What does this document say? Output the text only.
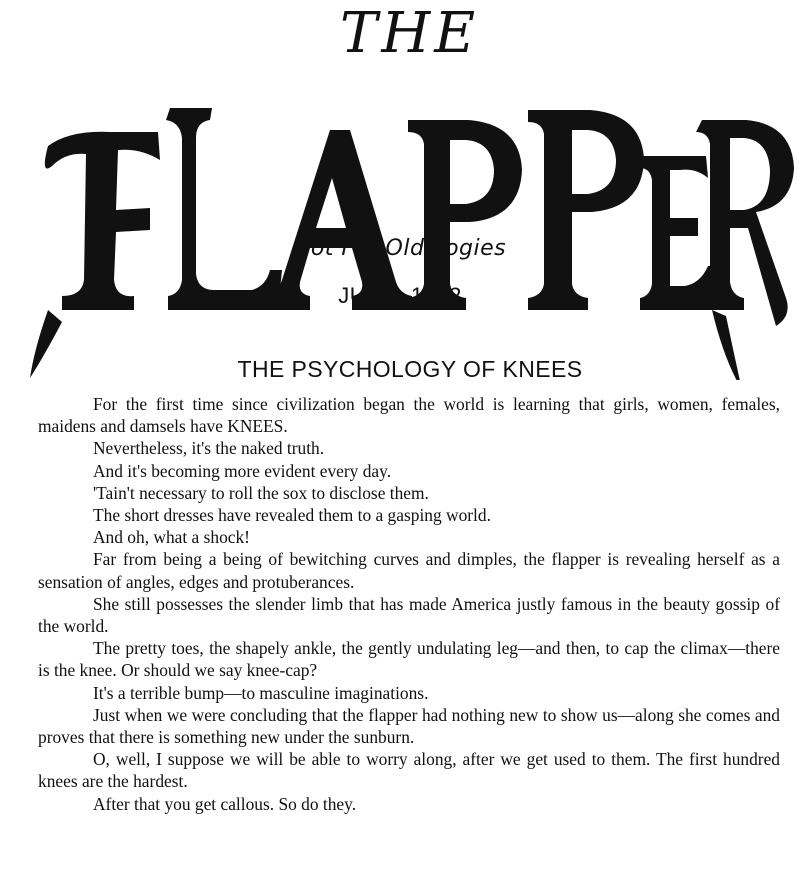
THE
Not For Old Fogies
JUNE, 1922
THE PSYCHOLOGY OF KNEES

For the first time since civilization began the world is learning that girls, women, females, maidens and damsels have KNEES.

Nevertheless, it's the naked truth.

And it's becoming more evident every day.

'Tain't necessary to roll the sox to disclose them.

The short dresses have revealed them to a gasping world.

And oh, what a shock!

Far from being a being of bewitching curves and dimples, the flapper is revealing herself as a sensation of angles, edges and protuberances.

She still possesses the slender limb that has made America justly famous in the beauty gossip of the world.

The pretty toes, the shapely ankle, the gently undulating leg—and then, to cap the climax—there is the knee. Or should we say knee-cap?

It's a terrible bump—to masculine imaginations.

Just when we were concluding that the flapper had nothing new to show us—along she comes and proves that there is something new under the sunburn.

O, well, I suppose we will be able to worry along, after we get used to them. The first hundred knees are the hardest.

After that you get callous. So do they.
